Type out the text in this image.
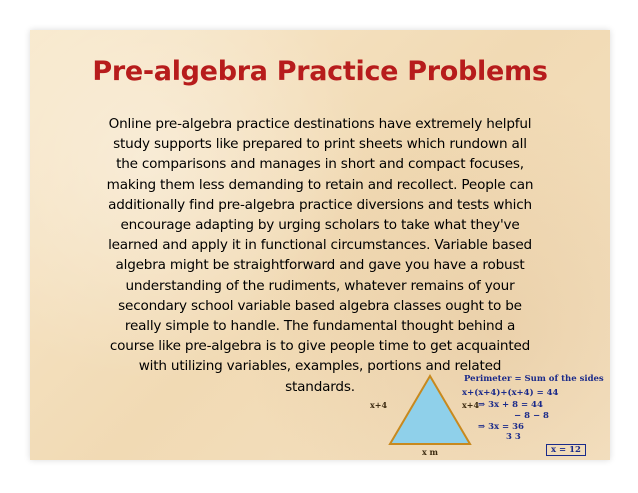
Pre-algebra Practice Problems
Online pre-algebra practice destinations have extremely helpful
study supports like prepared to print sheets which rundown all
the comparisons and manages in short and compact focuses,
making them less demanding to retain and recollect. People can
additionally find pre-algebra practice diversions and tests which
encourage adapting by urging scholars to take what they've
learned and apply it in functional circumstances. Variable based
algebra might be straightforward and gave you have a robust
understanding of the rudiments, whatever remains of your
secondary school variable based algebra classes ought to be
really simple to handle. The fundamental thought behind a
course like pre-algebra is to give people time to get acquainted
with utilizing variables, examples, portions and related
standards.
x+4	x+4
x m
Perimeter = Sum of the sides
x+(x+4)+(x+4) = 44
⇒ 3x + 8 = 44
− 8 − 8
⇒ 3x = 36
3 3
x = 12
